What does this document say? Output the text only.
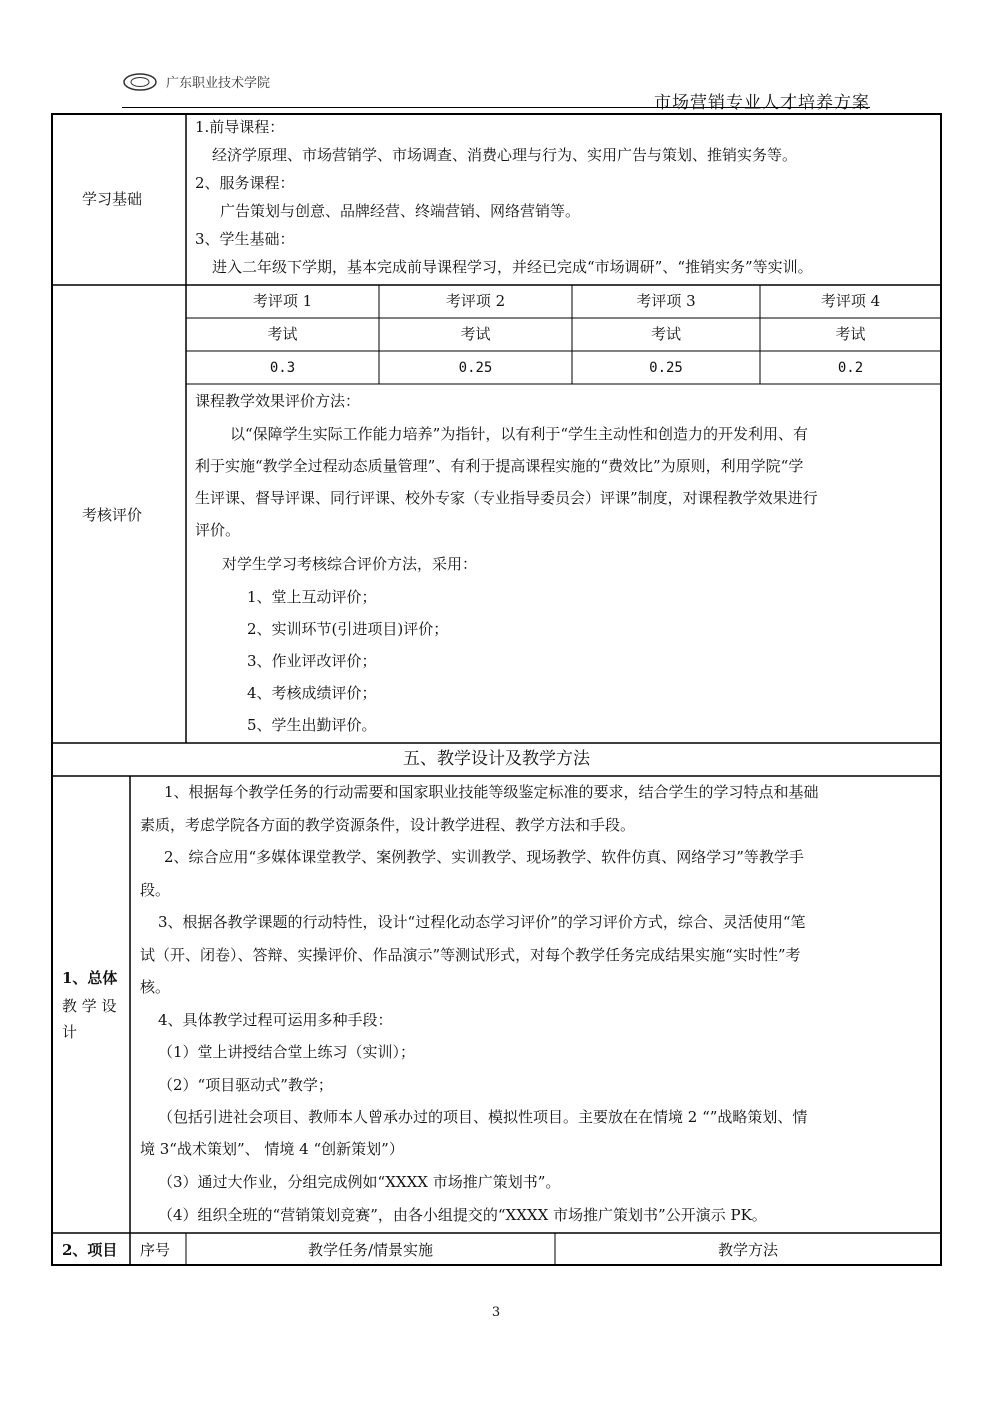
广东职业技术学院
市场营销专业人才培养方案
学习基础
1.前导课程：
经济学原理、市场营销学、市场调查、消费心理与行为、实用广告与策划、推销实务等。
2、服务课程：
广告策划与创意、品牌经营、终端营销、网络营销等。
3、学生基础：
进入二年级下学期，基本完成前导课程学习，并经已完成“市场调研”、“推销实务”等实训。
考核评价
考评项 1	考评项 2	考评项 3	考评项 4
考试	考试	考试	考试
0.3	0.25	0.25	0.2
课程教学效果评价方法：
以“保障学生实际工作能力培养”为指针，以有利于“学生主动性和创造力的开发利用、有
利于实施“教学全过程动态质量管理”、有利于提高课程实施的“费效比”为原则，利用学院“学
生评课、督导评课、同行评课、校外专家（专业指导委员会）评课”制度，对课程教学效果进行
评价。
对学生学习考核综合评价方法，采用：
1、堂上互动评价；
2、实训环节(引进项目)评价；
3、作业评改评价；
4、考核成绩评价；
5、学生出勤评价。
五、教学设计及教学方法
1、总体
教 学 设
计
1、根据每个教学任务的行动需要和国家职业技能等级鉴定标准的要求，结合学生的学习特点和基础
素质，考虑学院各方面的教学资源条件，设计教学进程、教学方法和手段。
2、综合应用“多媒体课堂教学、案例教学、实训教学、现场教学、软件仿真、网络学习”等教学手
段。
3、根据各教学课题的行动特性，设计“过程化动态学习评价”的学习评价方式，综合、灵活使用“笔
试（开、闭卷）、答辩、实操评价、作品演示”等测试形式，对每个教学任务完成结果实施“实时性”考
核。
4、具体教学过程可运用多种手段：
（1）堂上讲授结合堂上练习（实训）；
（2）“项目驱动式”教学；
（包括引进社会项目、教师本人曾承办过的项目、模拟性项目。主要放在在情境 2 “”战略策划、情
境 3“战术策划”、 情境 4 “创新策划”）
（3）通过大作业，分组完成例如“XXXX 市场推广策划书”。
（4）组织全班的“营销策划竞赛”，由各小组提交的“XXXX 市场推广策划书”公开演示 PK。
2、项目 序号	教学任务/情景实施	教学方法
3
